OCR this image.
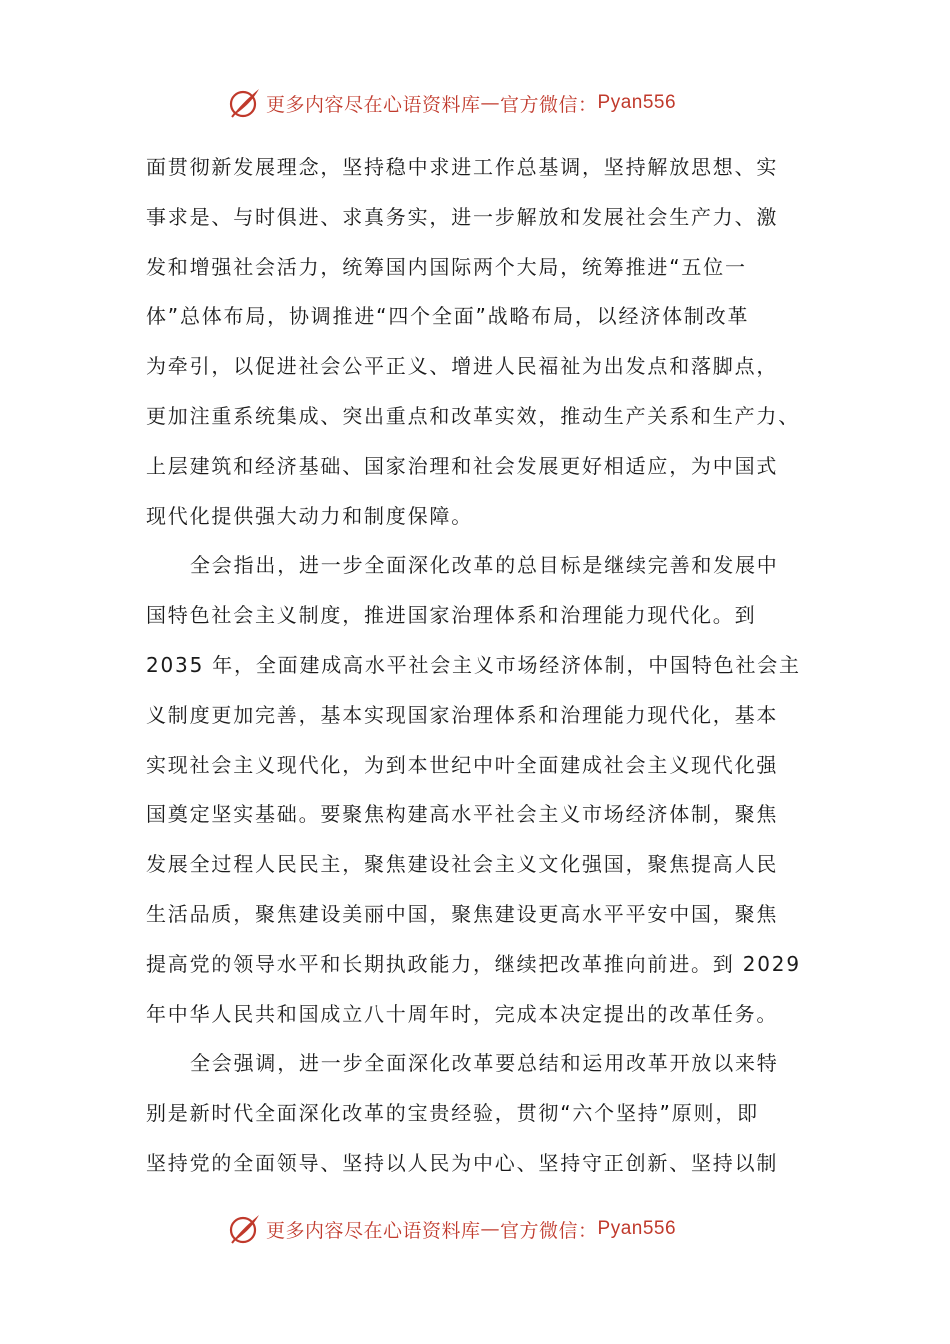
更多内容尽在心语资料库 — 官方微信： Pyan556
面贯彻新发展理念，坚持稳中求进工作总基调，坚持解放思想、实
事求是、与时俱进、求真务实，进一步解放和发展社会生产力、激
发和增强社会活力，统筹国内国际两个大局，统筹推进“五位一
体”总体布局，协调推进“四个全面”战略布局，以经济体制改革
为牵引，以促进社会公平正义、增进人民福祉为出发点和落脚点，
更加注重系统集成、突出重点和改革实效，推动生产关系和生产力、
上层建筑和经济基础、国家治理和社会发展更好相适应，为中国式
现代化提供强大动力和制度保障。
全会指出，进一步全面深化改革的总目标是继续完善和发展中
国特色社会主义制度，推进国家治理体系和治理能力现代化。到
2035 年，全面建成高水平社会主义市场经济体制，中国特色社会主
义制度更加完善，基本实现国家治理体系和治理能力现代化，基本
实现社会主义现代化，为到本世纪中叶全面建成社会主义现代化强
国奠定坚实基础。要聚焦构建高水平社会主义市场经济体制，聚焦
发展全过程人民民主，聚焦建设社会主义文化强国，聚焦提高人民
生活品质，聚焦建设美丽中国，聚焦建设更高水平平安中国，聚焦
提高党的领导水平和长期执政能力，继续把改革推向前进。到 2029
年中华人民共和国成立八十周年时，完成本决定提出的改革任务。
全会强调，进一步全面深化改革要总结和运用改革开放以来特
别是新时代全面深化改革的宝贵经验，贯彻“六个坚持”原则，即
坚持党的全面领导、坚持以人民为中心、坚持守正创新、坚持以制
更多内容尽在心语资料库 — 官方微信： Pyan556
